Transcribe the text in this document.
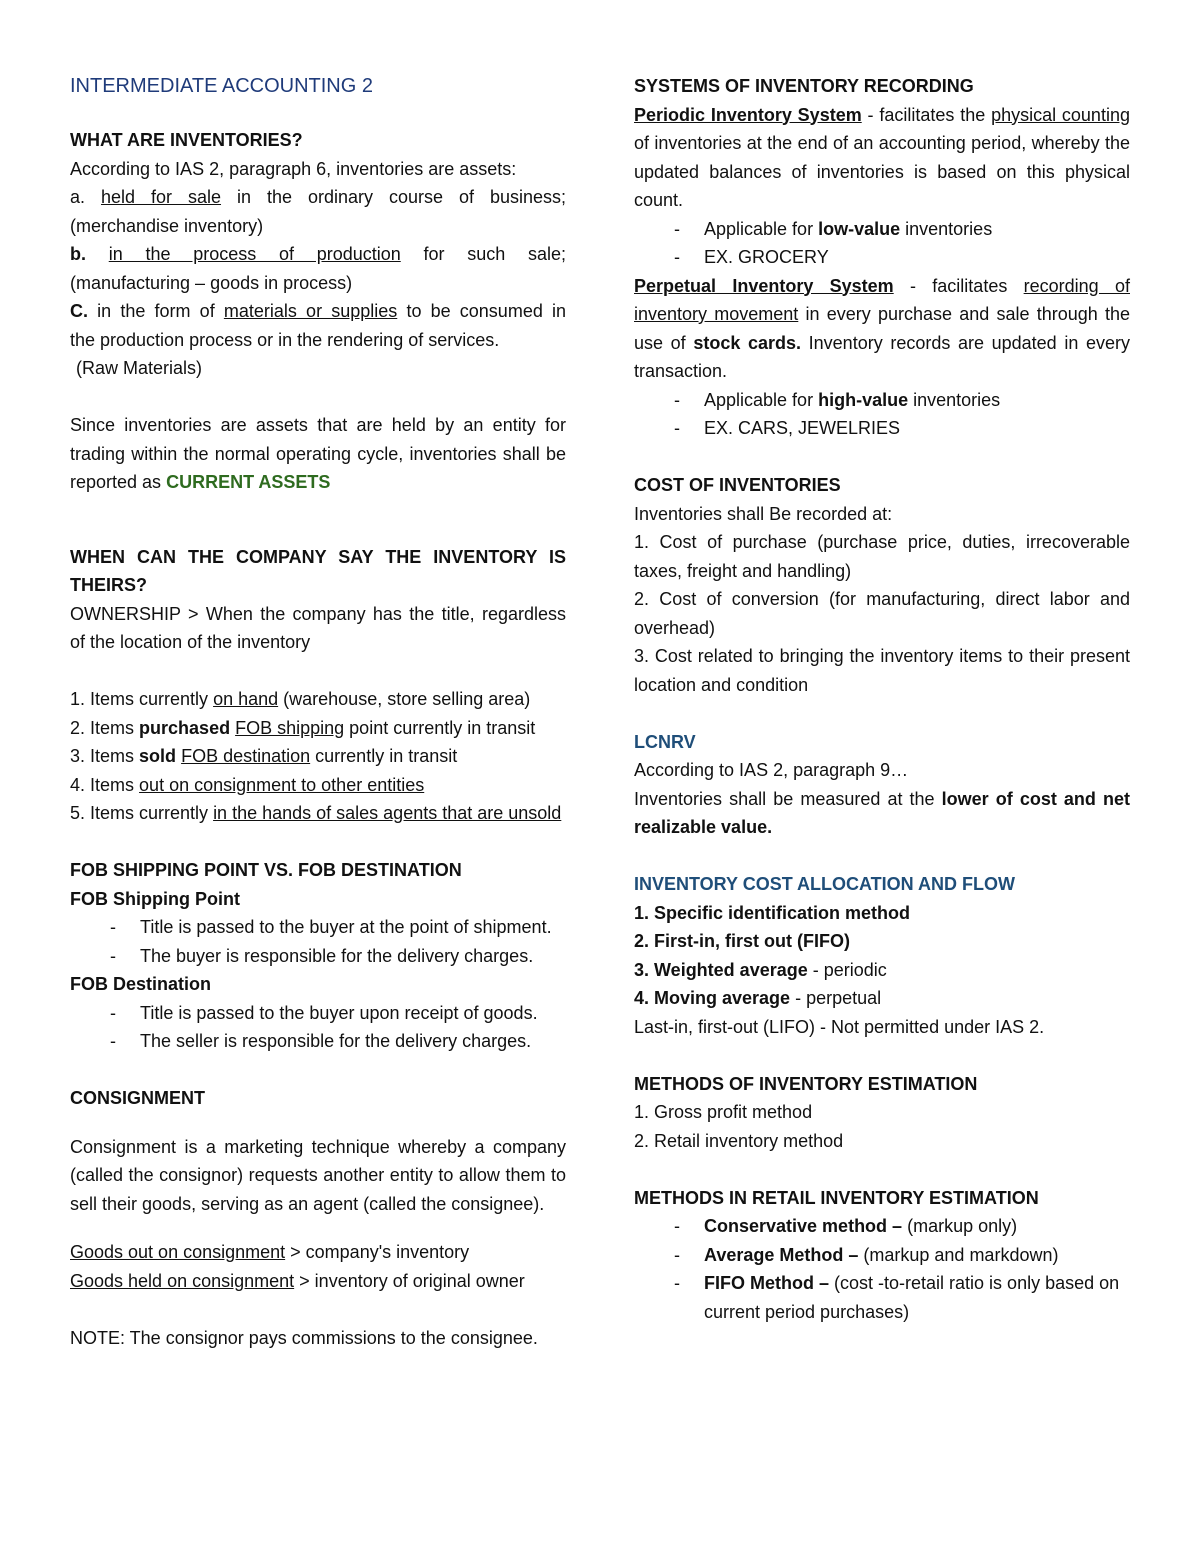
INTERMEDIATE ACCOUNTING 2
WHAT ARE INVENTORIES?
According to IAS 2, paragraph 6, inventories are assets:
a. held for sale in the ordinary course of business;
(merchandise inventory)
b. in the process of production for such sale;
(manufacturing – goods in process)
C. in the form of materials or supplies to be consumed in
the production process or in the rendering of services.
(Raw Materials)
Since inventories are assets that are held by an entity for trading within the normal operating cycle, inventories shall be reported as CURRENT ASSETS
WHEN CAN THE COMPANY SAY THE INVENTORY IS THEIRS?
OWNERSHIP > When the company has the title, regardless of the location of the inventory
1. Items currently on hand (warehouse, store selling area)
2. Items purchased FOB shipping point currently in transit
3. Items sold FOB destination currently in transit
4. Items out on consignment to other entities
5. Items currently in the hands of sales agents that are unsold
FOB SHIPPING POINT VS. FOB DESTINATION
FOB Shipping Point
- Title is passed to the buyer at the point of shipment.
- The buyer is responsible for the delivery charges.
FOB Destination
- Title is passed to the buyer upon receipt of goods.
- The seller is responsible for the delivery charges.
CONSIGNMENT
Consignment is a marketing technique whereby a company (called the consignor) requests another entity to allow them to sell their goods, serving as an agent (called the consignee).
Goods out on consignment > company's inventory
Goods held on consignment > inventory of original owner
NOTE: The consignor pays commissions to the consignee.
SYSTEMS OF INVENTORY RECORDING
Periodic Inventory System - facilitates the physical counting of inventories at the end of an accounting period, whereby the updated balances of inventories is based on this physical count.
- Applicable for low-value inventories
- EX. GROCERY
Perpetual Inventory System - facilitates recording of inventory movement in every purchase and sale through the use of stock cards. Inventory records are updated in every transaction.
- Applicable for high-value inventories
- EX. CARS, JEWELRIES
COST OF INVENTORIES
Inventories shall Be recorded at:
1. Cost of purchase (purchase price, duties, irrecoverable taxes, freight and handling)
2. Cost of conversion (for manufacturing, direct labor and overhead)
3. Cost related to bringing the inventory items to their present location and condition
LCNRV
According to IAS 2, paragraph 9…
Inventories shall be measured at the lower of cost and net realizable value.
INVENTORY COST ALLOCATION AND FLOW
1. Specific identification method
2. First-in, first out (FIFO)
3. Weighted average - periodic
4. Moving average - perpetual
Last-in, first-out (LIFO) - Not permitted under IAS 2.
METHODS OF INVENTORY ESTIMATION
1. Gross profit method
2. Retail inventory method
METHODS IN RETAIL INVENTORY ESTIMATION
- Conservative method – (markup only)
- Average Method – (markup and markdown)
- FIFO Method – (cost -to-retail ratio is only based on current period purchases)
